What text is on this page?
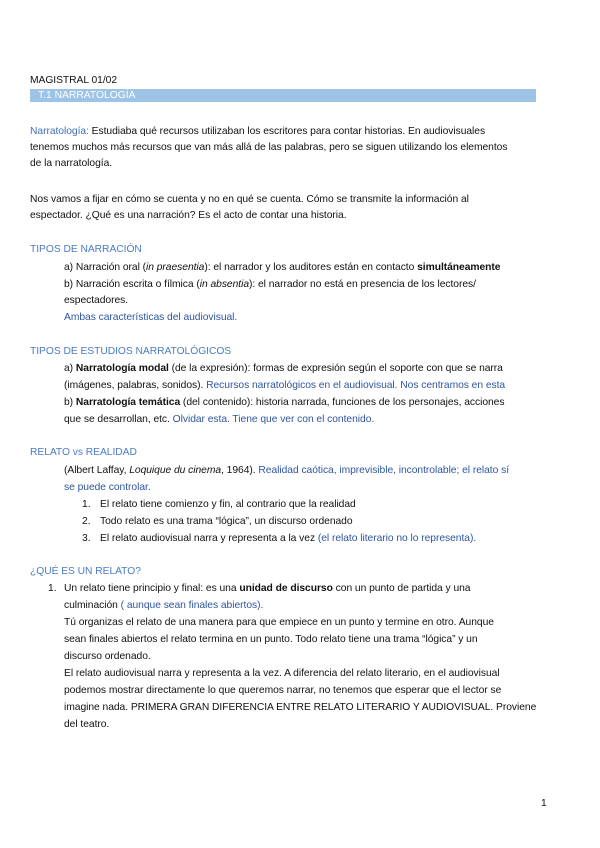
MAGISTRAL 01/02
T.1 NARRATOLOGÍA
Narratología: Estudiaba qué recursos utilizaban los escritores para contar historias. En audiovisuales
tenemos muchos más recursos que van más allá de las palabras, pero se siguen utilizando los elementos
de la narratología.
Nos vamos a fijar en cómo se cuenta y no en qué se cuenta. Cómo se transmite la información al
espectador. ¿Qué es una narración? Es el acto de contar una historia.
TIPOS DE NARRACIÓN
a) Narración oral (in praesentia): el narrador y los auditores están en contacto simultáneamente
b) Narración escrita o fílmica (in absentia): el narrador no está en presencia de los lectores/
espectadores.
Ambas características del audiovisual.
TIPOS DE ESTUDIOS NARRATOLÓGICOS
a) Narratología modal (de la expresión): formas de expresión según el soporte con que se narra
(imágenes, palabras, sonidos). Recursos narratológicos en el audiovisual. Nos centramos en esta
b) Narratología temática (del contenido): historia narrada, funciones de los personajes, acciones
que se desarrollan, etc. Olvidar esta. Tiene que ver con el contenido.
RELATO vs REALIDAD
(Albert Laffay, Loquique du cinema, 1964). Realidad caótica, imprevisible, incontrolable; el relato sí
se puede controlar.
1. El relato tiene comienzo y fin, al contrario que la realidad
2. Todo relato es una trama “lógica”, un discurso ordenado
3. El relato audiovisual narra y representa a la vez (el relato literario no lo representa).
¿QUÉ ES UN RELATO?
1. Un relato tiene principio y final: es una unidad de discurso con un punto de partida y una
culminación ( aunque sean finales abiertos).
Tú organizas el relato de una manera para que empiece en un punto y termine en otro. Aunque
sean finales abiertos el relato termina en un punto. Todo relato tiene una trama “lógica” y un
discurso ordenado.
El relato audiovisual narra y representa a la vez. A diferencia del relato literario, en el audiovisual
podemos mostrar directamente lo que queremos narrar, no tenemos que esperar que el lector se
imagine nada. PRIMERA GRAN DIFERENCIA ENTRE RELATO LITERARIO Y AUDIOVISUAL. Proviene
del teatro.
1
